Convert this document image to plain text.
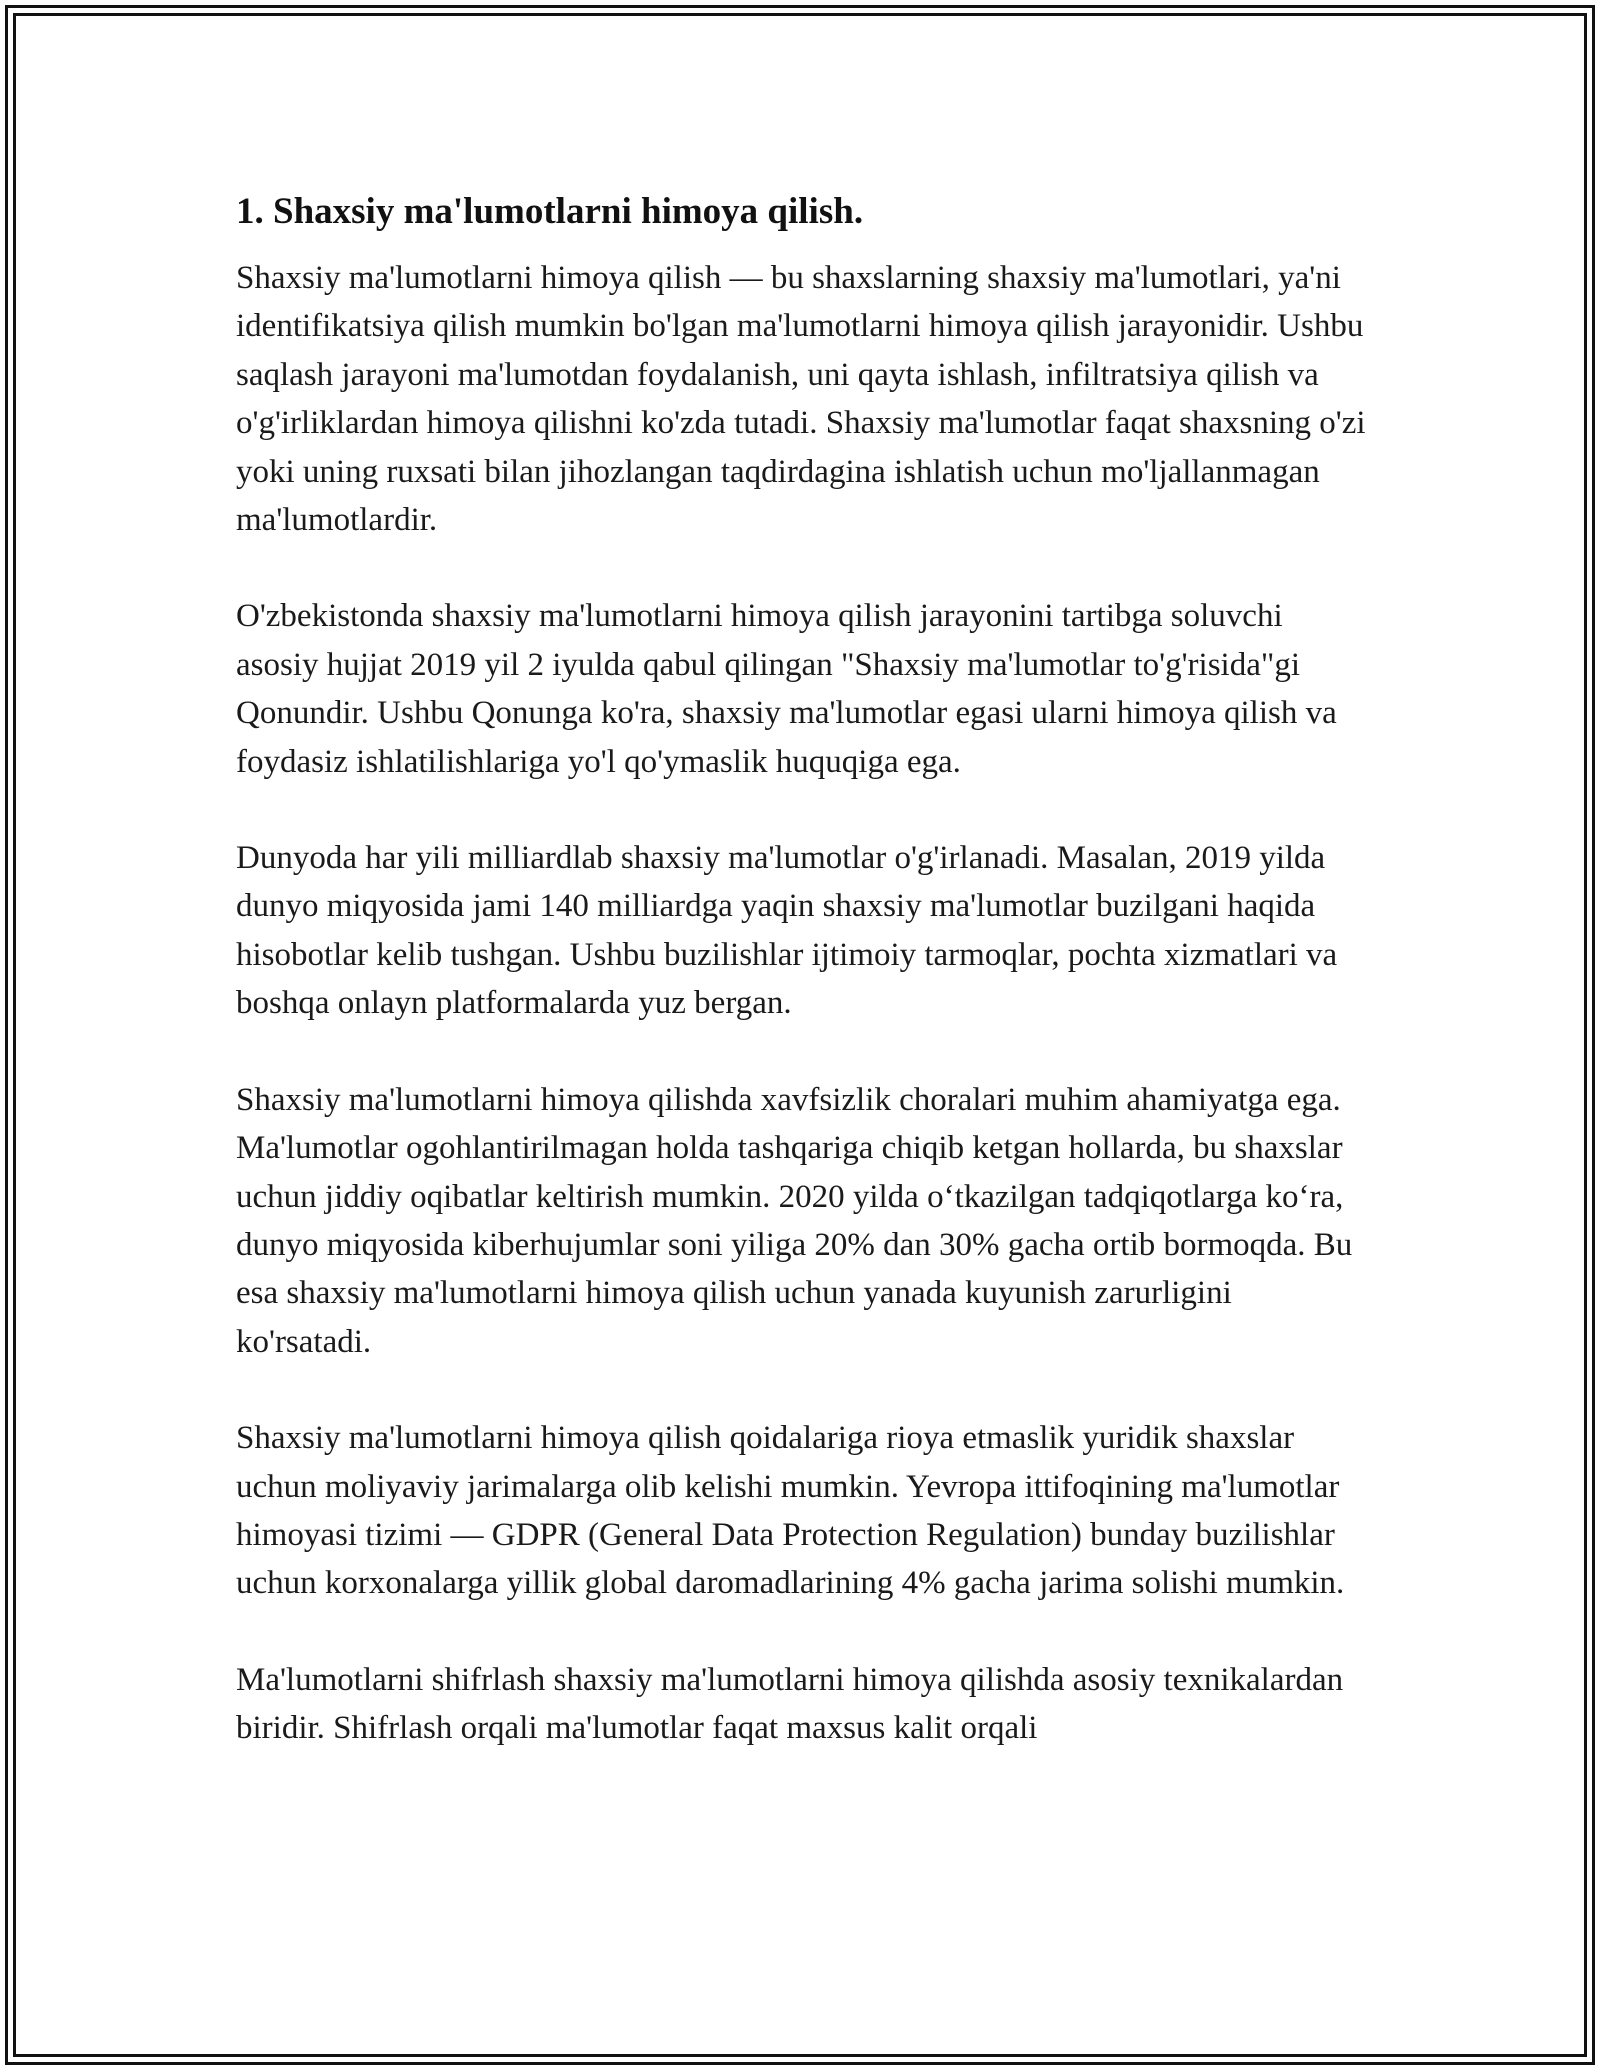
1. Shaxsiy ma'lumotlarni himoya qilish.

Shaxsiy ma'lumotlarni himoya qilish — bu shaxslarning shaxsiy ma'lumotlari, ya'ni identifikatsiya qilish mumkin bo'lgan ma'lumotlarni himoya qilish jarayonidir. Ushbu saqlash jarayoni ma'lumotdan foydalanish, uni qayta ishlash, infiltratsiya qilish va o'g'irliklardan himoya qilishni ko'zda tutadi. Shaxsiy ma'lumotlar faqat shaxsning o'zi yoki uning ruxsati bilan jihozlangan taqdirdagina ishlatish uchun mo'ljallanmagan ma'lumotlardir.

O'zbekistonda shaxsiy ma'lumotlarni himoya qilish jarayonini tartibga soluvchi asosiy hujjat 2019 yil 2 iyulda qabul qilingan "Shaxsiy ma'lumotlar to'g'risida"gi Qonundir. Ushbu Qonunga ko'ra, shaxsiy ma'lumotlar egasi ularni himoya qilish va foydasiz ishlatilishlariga yo'l qo'ymaslik huquqiga ega.

Dunyoda har yili milliardlab shaxsiy ma'lumotlar o'g'irlanadi. Masalan, 2019 yilda dunyo miqyosida jami 140 milliardga yaqin shaxsiy ma'lumotlar buzilgani haqida hisobotlar kelib tushgan. Ushbu buzilishlar ijtimoiy tarmoqlar, pochta xizmatlari va boshqa onlayn platformalarda yuz bergan.

Shaxsiy ma'lumotlarni himoya qilishda xavfsizlik choralari muhim ahamiyatga ega. Ma'lumotlar ogohlantirilmagan holda tashqariga chiqib ketgan hollarda, bu shaxslar uchun jiddiy oqibatlar keltirish mumkin. 2020 yilda o‘tkazilgan tadqiqotlarga ko‘ra, dunyo miqyosida kiberhujumlar soni yiliga 20% dan 30% gacha ortib bormoqda. Bu esa shaxsiy ma'lumotlarni himoya qilish uchun yanada kuyunish zarurligini ko'rsatadi.

Shaxsiy ma'lumotlarni himoya qilish qoidalariga rioya etmaslik yuridik shaxslar uchun moliyaviy jarimalarga olib kelishi mumkin. Yevropa ittifoqining ma'lumotlar himoyasi tizimi — GDPR (General Data Protection Regulation) bunday buzilishlar uchun korxonalarga yillik global daromadlarining 4% gacha jarima solishi mumkin.

Ma'lumotlarni shifrlash shaxsiy ma'lumotlarni himoya qilishda asosiy texnikalardan biridir. Shifrlash orqali ma'lumotlar faqat maxsus kalit orqali
